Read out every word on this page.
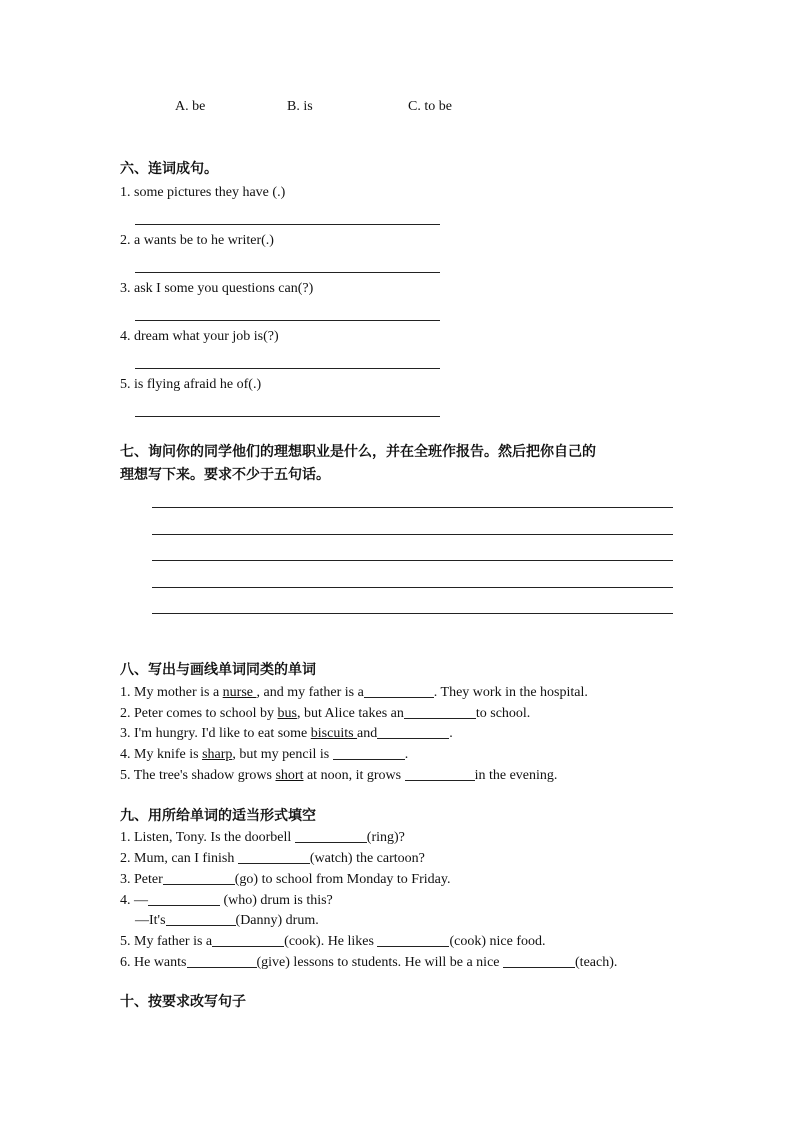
A. be	B. is	C. to be
六、连词成句。
1. some pictures they have (.)
2. a wants be to he writer(.)
3. ask I some you questions can(?)
4. dream what your job is(?)
5. is flying afraid he of(.)
七、询问你的同学他们的理想职业是什么，并在全班作报告。然后把你自己的
理想写下来。要求不少于五句话。
八、写出与画线单词同类的单词
1. My mother is a nurse , and my father is a	. They work in the hospital.
2. Peter comes to school by bus, but Alice takes an	to school.
3. I'm hungry. I'd like to eat some biscuits and	.
4. My knife is sharp, but my pencil is	.
5. The tree's shadow grows short at noon, it grows	in the evening.
九、用所给单词的适当形式填空
1. Listen, Tony. Is the doorbell	(ring)?
2. Mum, can I finish	(watch) the cartoon?
3. Peter	(go) to school from Monday to Friday.
4. —	(who) drum is this?
—It's	(Danny) drum.
5. My father is a	(cook). He likes	(cook) nice food.
6. He wants	(give) lessons to students. He will be a nice	(teach).
十、按要求改写句子
